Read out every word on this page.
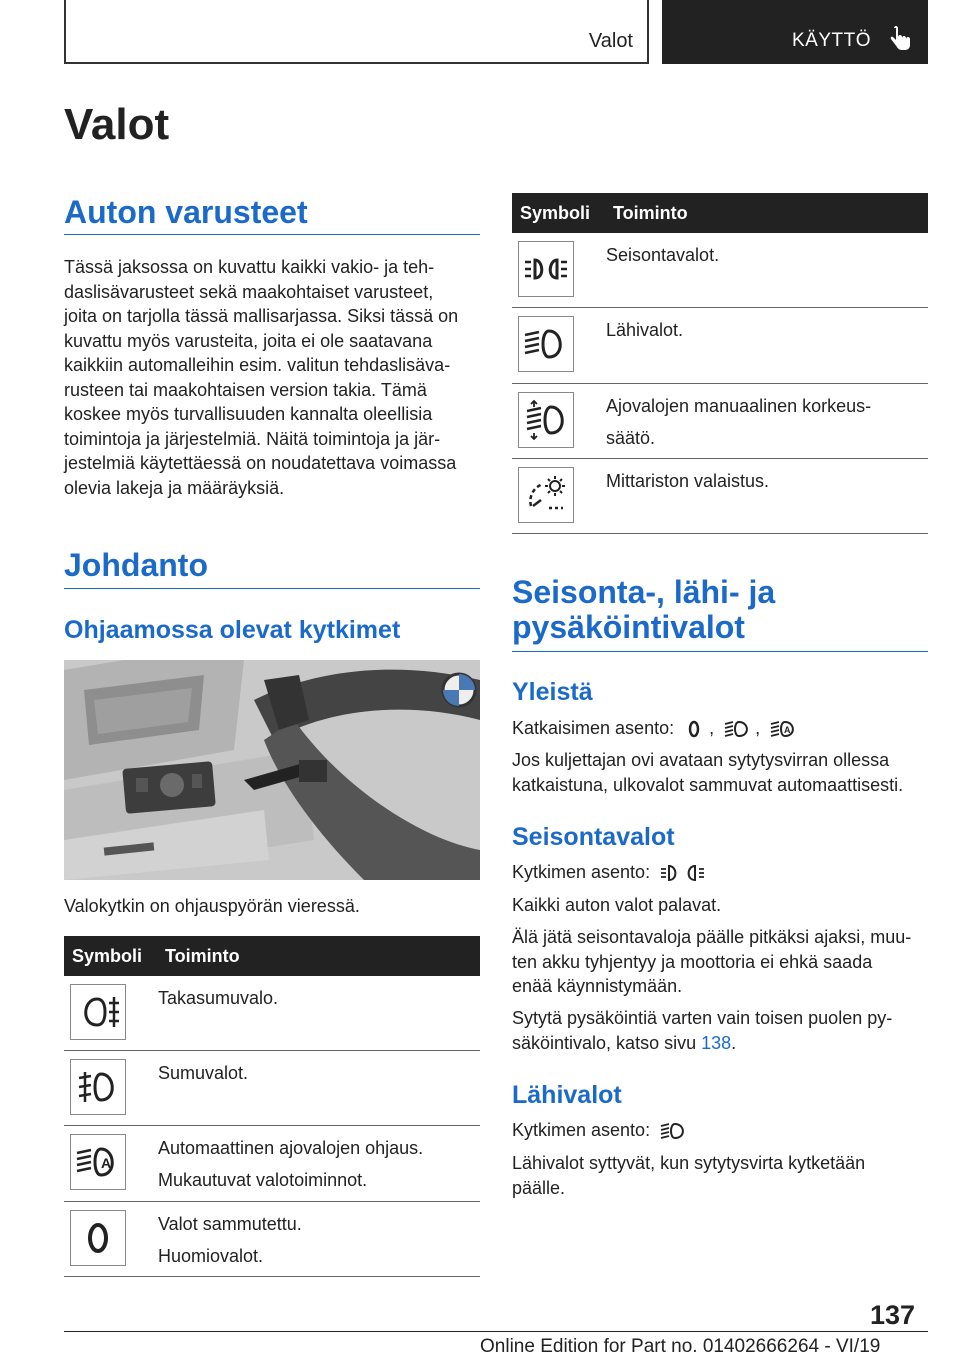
Valot	KÄYTTÖ
Valot
Auton varusteet
Tässä jaksossa on kuvattu kaikki vakio- ja teh‐
daslisävarusteet sekä maakohtaiset varusteet,
joita on tarjolla tässä mallisarjassa. Siksi tässä on
kuvattu myös varusteita, joita ei ole saatavana
kaikkiin automalleihin esim. valitun tehdaslisäva‐
rusteen tai maakohtaisen version takia. Tämä
koskee myös turvallisuuden kannalta oleellisia
toimintoja ja järjestelmiä. Näitä toimintoja ja jär‐
jestelmiä käytettäessä on noudatettava voimassa
olevia lakeja ja määräyksiä.
Johdanto
Ohjaamossa olevat kytkimet
Valokytkin on ohjauspyörän vieressä.
Symboli Toiminto
Takasumuvalo.
Sumuvalot.
A
Automaattinen ajovalojen ohjaus.
Mukautuvat valotoiminnot.
Valot sammutettu.
Huomiovalot.
Symboli Toiminto
Seisontavalot.
Lähivalot.
Ajovalojen manuaalinen korkeus‐
säätö.
Mittariston valaistus.
Seisonta-, lähi- ja
pysäköintivalot
Yleistä
Katkaisimen asento: , ,	A
Jos kuljettajan ovi avataan sytytysvirran ollessa
katkaistuna, ulkovalot sammuvat automaattisesti.
Seisontavalot
Kytkimen asento:
Kaikki auton valot palavat.
Älä jätä seisontavaloja päälle pitkäksi ajaksi, muu‐
ten akku tyhjentyy ja moottoria ei ehkä saada
enää käynnistymään.
Sytytä pysäköintiä varten vain toisen puolen py‐
säköintivalo, katso sivu 138.
Lähivalot
Kytkimen asento:
Lähivalot syttyvät, kun sytytysvirta kytketään
päälle.
137
Online Edition for Part no. 01402666264 - VI/19
